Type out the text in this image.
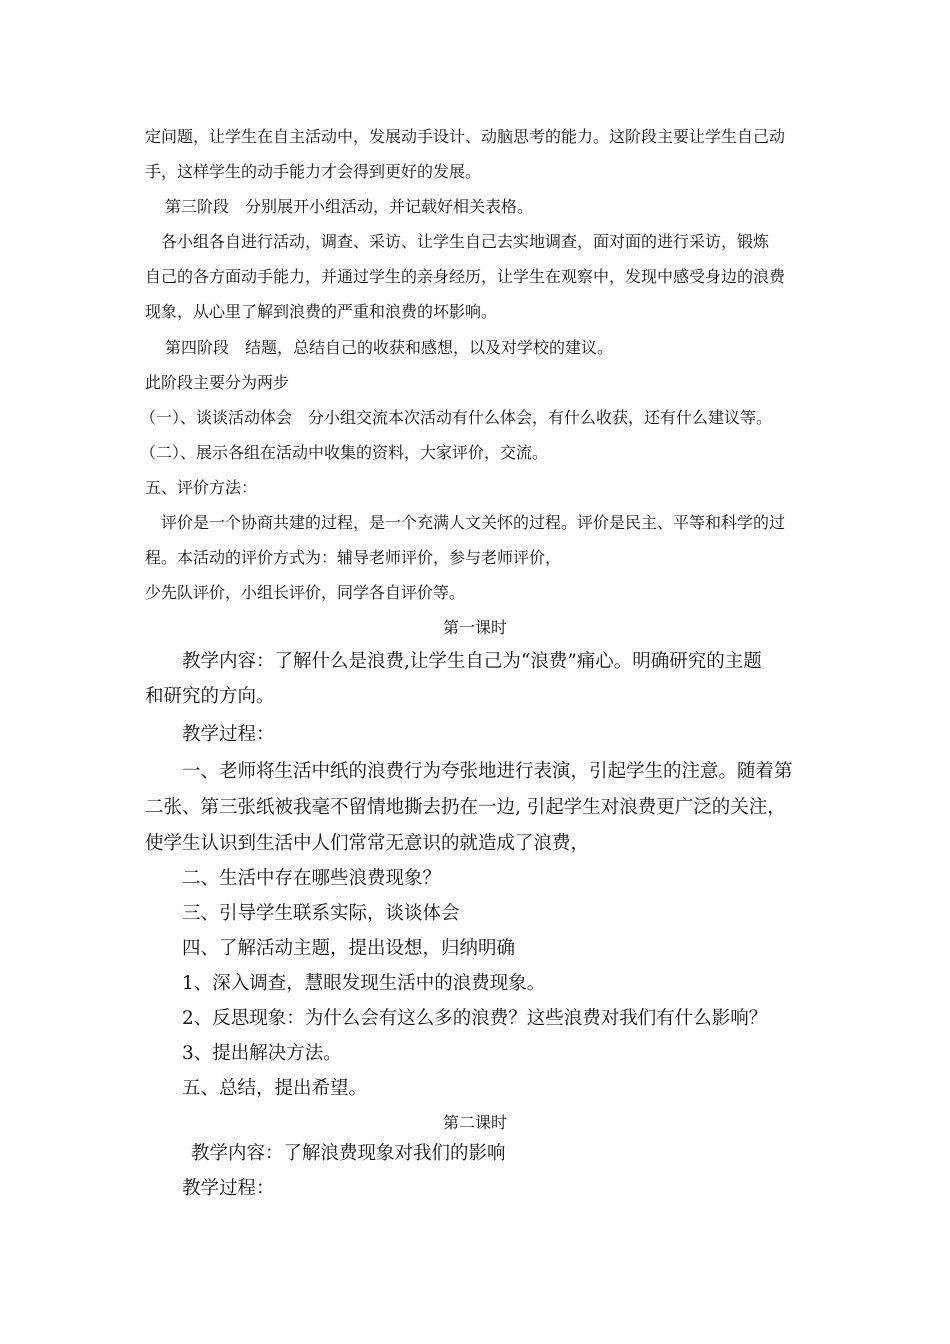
定问题，让学生在自主活动中，发展动手设计、动脑思考的能力。这阶段主要让学生自己动
手，这样学生的动手能力才会得到更好的发展。
第三阶段　分别展开小组活动，并记载好相关表格。
各小组各自进行活动，调查、采访、让学生自己去实地调查，面对面的进行采访，锻炼
自己的各方面动手能力，并通过学生的亲身经历，让学生在观察中，发现中感受身边的浪费
现象，从心里了解到浪费的严重和浪费的坏影响。
第四阶段　结题，总结自己的收获和感想，以及对学校的建议。
此阶段主要分为两步
（一）、谈谈活动体会　分小组交流本次活动有什么体会，有什么收获，还有什么建议等。
（二）、展示各组在活动中收集的资料，大家评价，交流。
五、评价方法：
评价是一个协商共建的过程，是一个充满人文关怀的过程。评价是民主、平等和科学的过
程。本活动的评价方式为：辅导老师评价，参与老师评价，
少先队评价，小组长评价，同学各自评价等。
第一课时
教学内容：了解什么是浪费,让学生自己为“浪费”痛心。明确研究的主题
和研究的方向。
教学过程：
一、老师将生活中纸的浪费行为夸张地进行表演，引起学生的注意。随着第
二张、第三张纸被我毫不留情地撕去扔在一边, 引起学生对浪费更广泛的关注，
使学生认识到生活中人们常常无意识的就造成了浪费，
二、生活中存在哪些浪费现象？
三、引导学生联系实际，谈谈体会
四、了解活动主题，提出设想，归纳明确
1、深入调查，慧眼发现生活中的浪费现象。
2、反思现象：为什么会有这么多的浪费？这些浪费对我们有什么影响？
3、提出解决方法。
五、总结，提出希望。
第二课时
教学内容：了解浪费现象对我们的影响
教学过程：
